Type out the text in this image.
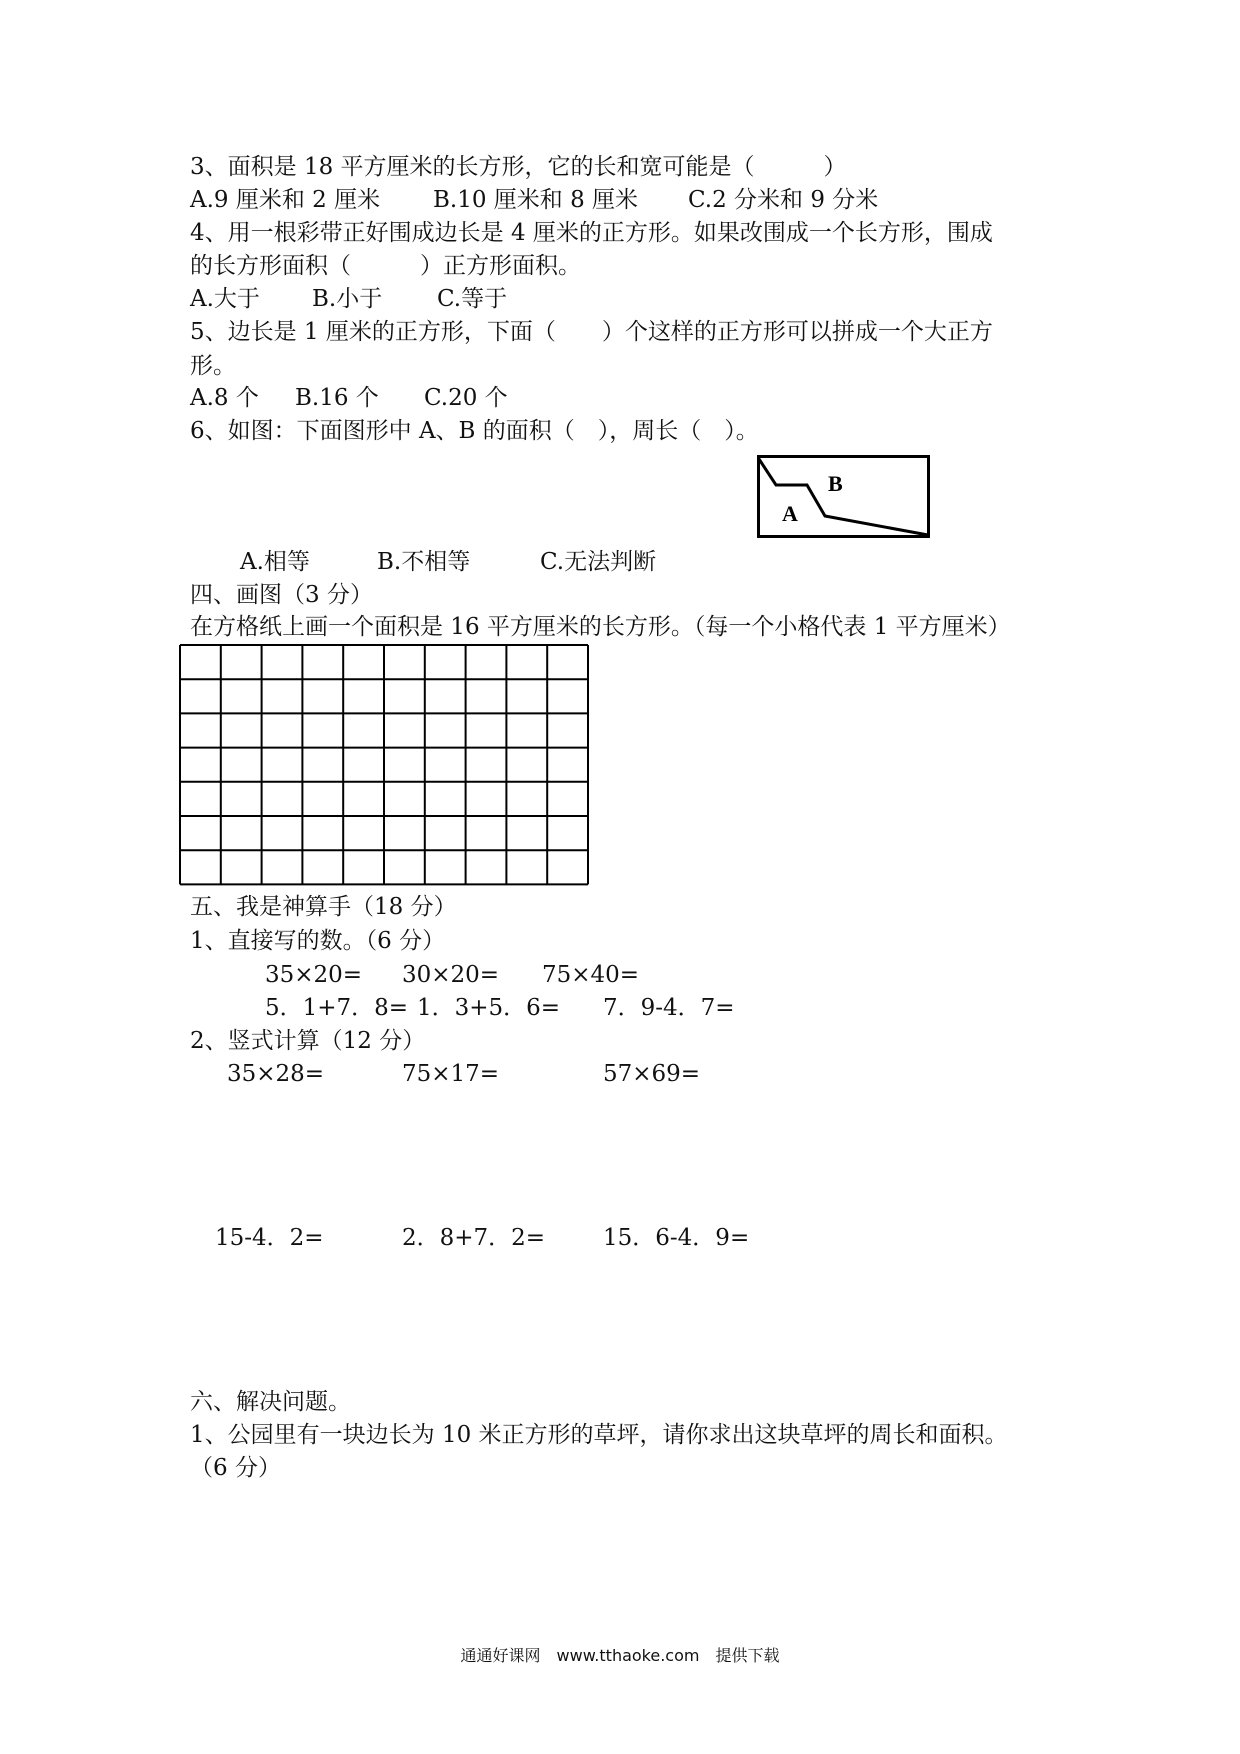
3、面积是 18 平方厘米的长方形，它的长和宽可能是（　　　）
A.9 厘米和 2 厘米 B.10 厘米和 8 厘米 C.2 分米和 9 分米
4、用一根彩带正好围成边长是 4 厘米的正方形。如果改围成一个长方形，围成
的长方形面积（　　　）正方形面积。
A.大于 B.小于 C.等于
5、边长是 1 厘米的正方形，下面（　　）个这样的正方形可以拼成一个大正方
形。
A.8 个 B.16 个 C.20 个
6、如图：下面图形中 A、B 的面积（　），周长（　）。
A
B
A.相等	B.不相等	C.无法判断
四、画图（3 分）
在方格纸上画一个面积是 16 平方厘米的长方形。（每一个小格代表 1 平方厘米）
五、我是神算手（18 分）
1、直接写的数。（6 分）
35×20= 30×20= 75×40=
5．1+7．8= 1．3+5．6= 7．9-4．7=
2、竖式计算（12 分）
35×28=	75×17=	57×69=
15-4．2=	2．8+7．2=	15．6-4．9=
六、解决问题。
1、公园里有一块边长为 10 米正方形的草坪，请你求出这块草坪的周长和面积。
（6 分）
通通好课网　www.tthaoke.com　提供下载
